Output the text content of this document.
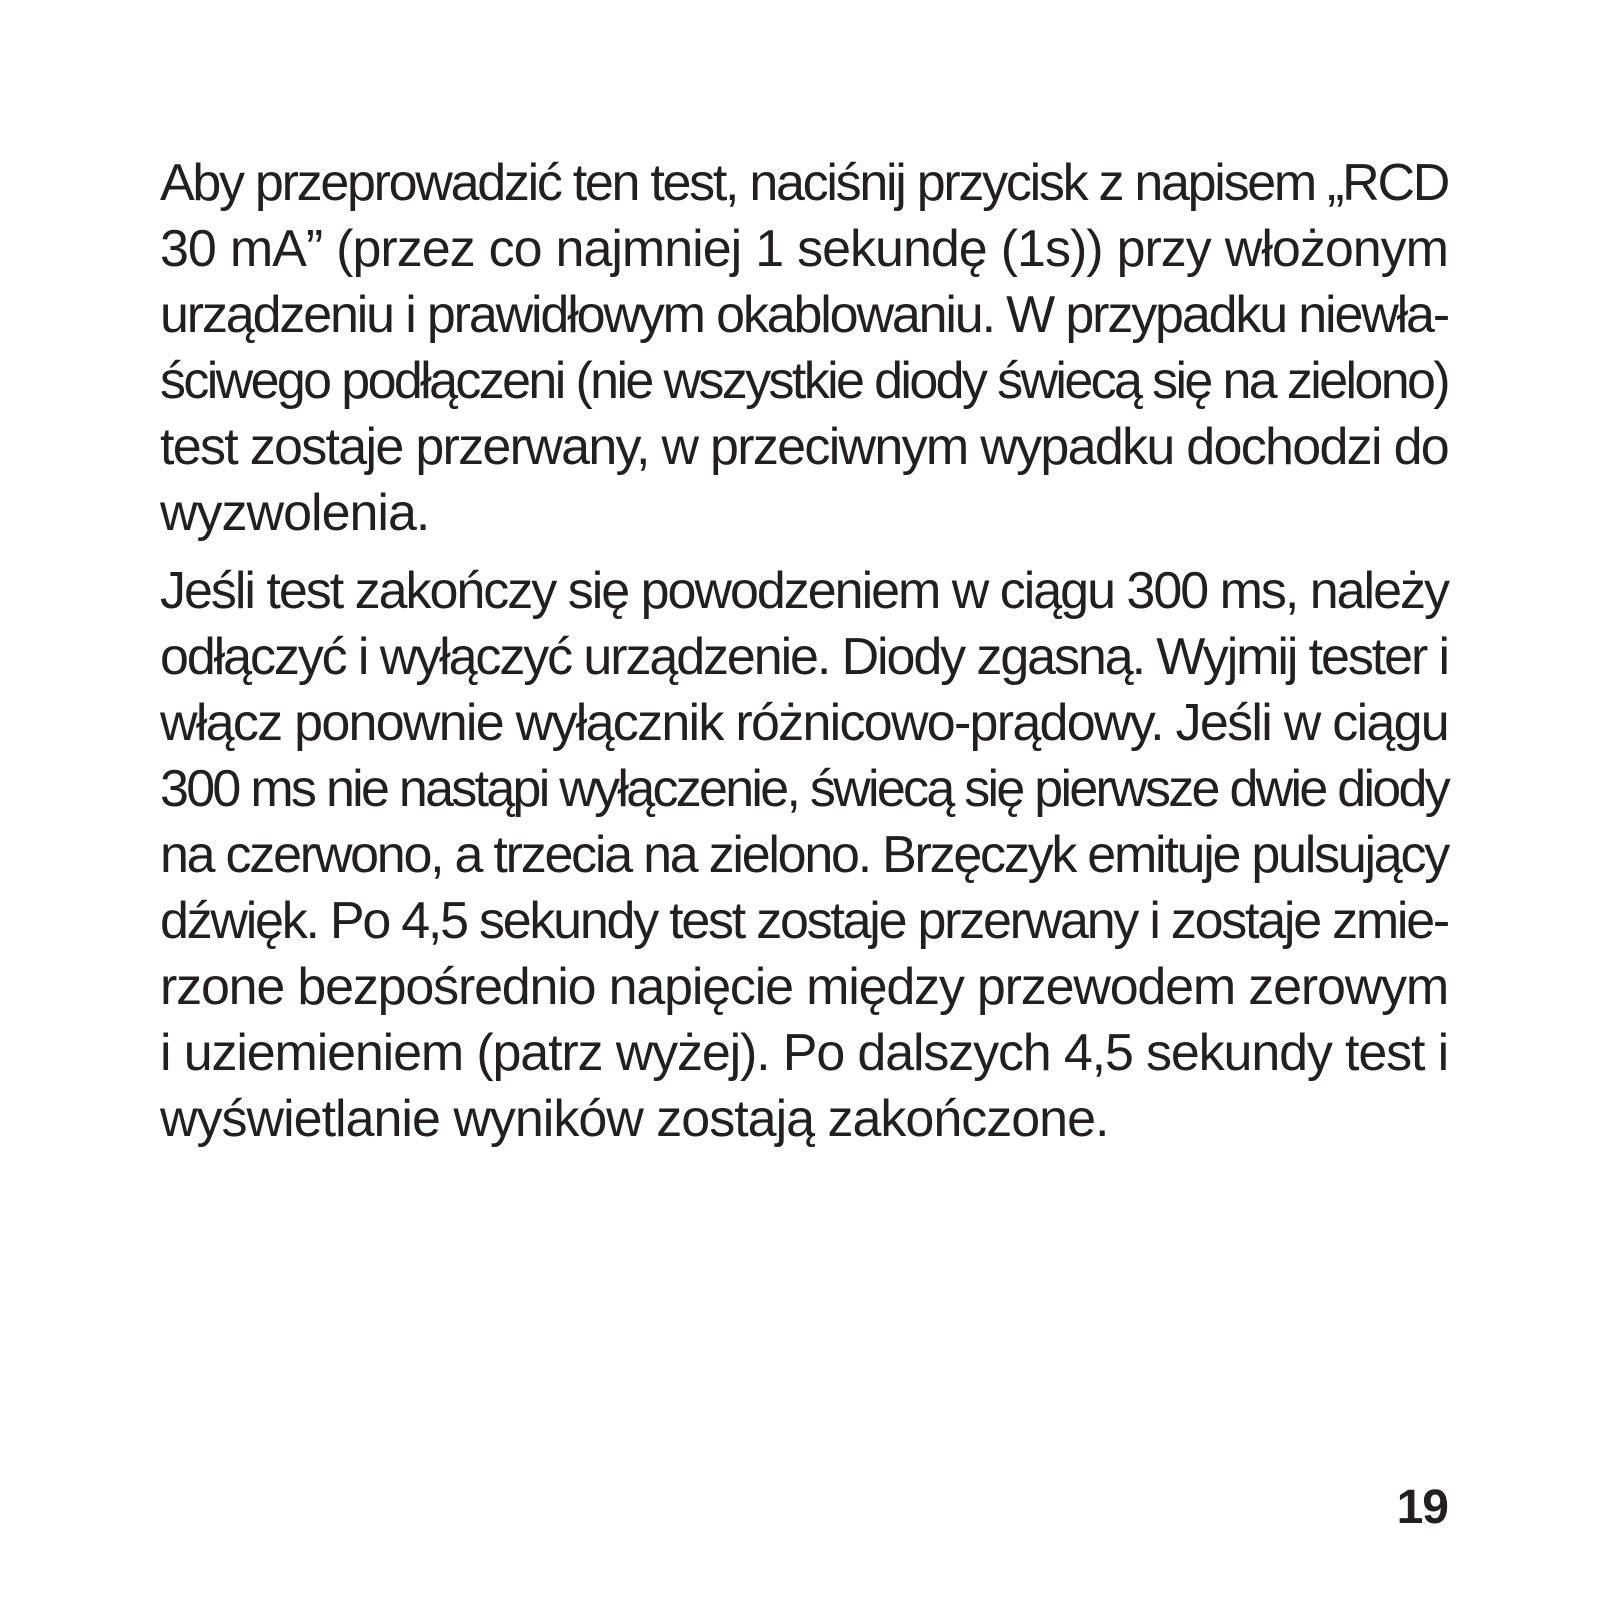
Aby przeprowadzić ten test, naciśnij przycisk z napisem „RCD
30 mA” (przez co najmniej 1 sekundę (1s)) przy włożonym
urządzeniu i prawidłowym okablowaniu. W przypadku niewła-
ściwego podłączeni (nie wszystkie diody świecą się na zielono)
test zostaje przerwany, w przeciwnym wypadku dochodzi do
wyzwolenia.

Jeśli test zakończy się powodzeniem w ciągu 300 ms, należy
odłączyć i wyłączyć urządzenie. Diody zgasną. Wyjmij tester i
włącz ponownie wyłącznik różnicowo-prądowy. Jeśli w ciągu
300 ms nie nastąpi wyłączenie, świecą się pierwsze dwie diody
na czerwono, a trzecia na zielono. Brzęczyk emituje pulsujący
dźwięk. Po 4,5 sekundy test zostaje przerwany i zostaje zmie-
rzone bezpośrednio napięcie między przewodem zerowym
i uziemieniem (patrz wyżej). Po dalszych 4,5 sekundy test i
wyświetlanie wyników zostają zakończone.

19
